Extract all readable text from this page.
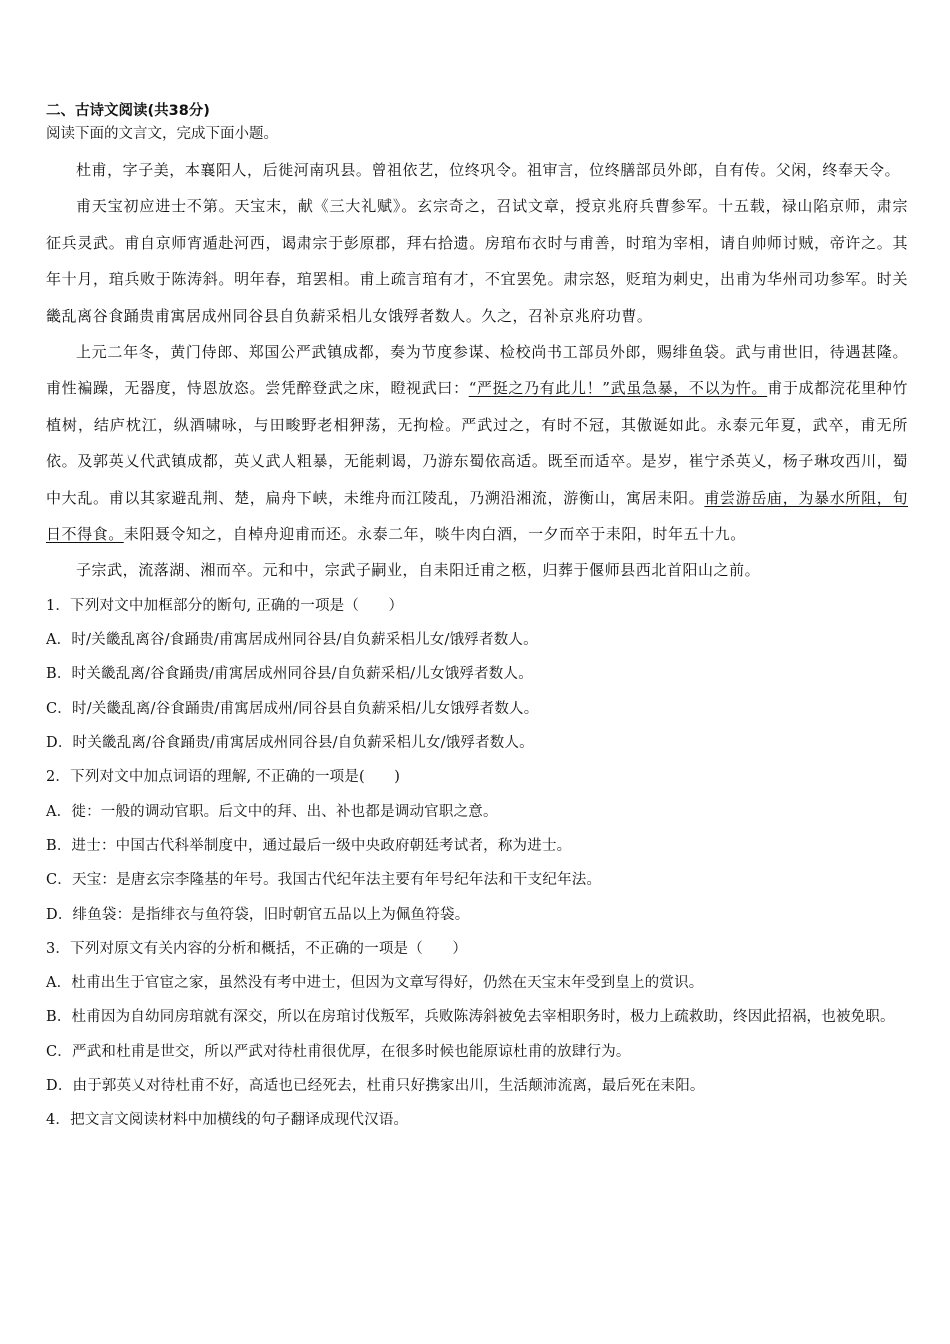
二、古诗文阅读(共38分)

阅读下面的文言文，完成下面小题。

杜甫，字子美，本襄阳人，后徙河南巩县。曾祖依艺，位终巩令。祖审言，位终膳部员外郎，自有传。父闲，终奉天令。

甫天宝初应进士不第。天宝末，献《三大礼赋》。玄宗奇之，召试文章，授京兆府兵曹参军。十五载，禄山陷京师，肃宗征兵灵武。甫自京师宵遁赴河西，谒肃宗于彭原郡，拜右拾遗。房琯布衣时与甫善，时琯为宰相，请自帅师讨贼，帝许之。其年十月，琯兵败于陈涛斜。明年春，琯罢相。甫上疏言琯有才，不宜罢免。肃宗怒，贬琯为刺史，出甫为华州司功参军。时关畿乱离谷食踊贵甫寓居成州同谷县自负薪采梠儿女饿殍者数人。久之，召补京兆府功曹。

上元二年冬，黄门侍郎、郑国公严武镇成都，奏为节度参谋、检校尚书工部员外郎，赐绯鱼袋。武与甫世旧，待遇甚隆。甫性褊躁，无器度，恃恩放恣。尝凭醉登武之床，瞪视武曰：“严挺之乃有此儿！”武虽急暴，不以为忤。甫于成都浣花里种竹植树，结庐枕江，纵酒啸咏，与田畯野老相狎荡，无拘检。严武过之，有时不冠，其傲诞如此。永泰元年夏，武卒，甫无所依。及郭英乂代武镇成都，英乂武人粗暴，无能刺谒，乃游东蜀依高适。既至而适卒。是岁，崔宁杀英乂，杨子琳攻西川，蜀中大乱。甫以其家避乱荆、楚，扁舟下峡，未维舟而江陵乱，乃溯沿湘流，游衡山，寓居耒阳。甫尝游岳庙，为暴水所阻，旬日不得食。耒阳聂令知之，自棹舟迎甫而还。永泰二年，啖牛肉白酒，一夕而卒于耒阳，时年五十九。

子宗武，流落湖、湘而卒。元和中，宗武子嗣业，自耒阳迁甫之柩，归葬于偃师县西北首阳山之前。

1．下列对文中加框部分的断句, 正确的一项是（　　）

A．时/关畿乱离谷/食踊贵/甫寓居成州同谷县/自负薪采梠儿女/饿殍者数人。

B．时关畿乱离/谷食踊贵/甫寓居成州同谷县/自负薪采梠/儿女饿殍者数人。

C．时/关畿乱离/谷食踊贵/甫寓居成州/同谷县自负薪采梠/儿女饿殍者数人。

D．时关畿乱离/谷食踊贵/甫寓居成州同谷县/自负薪采梠儿女/饿殍者数人。

2．下列对文中加点词语的理解, 不正确的一项是(　　)

A．徙：一般的调动官职。后文中的拜、出、补也都是调动官职之意。

B．进士：中国古代科举制度中，通过最后一级中央政府朝廷考试者，称为进士。

C．天宝：是唐玄宗李隆基的年号。我国古代纪年法主要有年号纪年法和干支纪年法。

D．绯鱼袋：是指绯衣与鱼符袋，旧时朝官五品以上为佩鱼符袋。

3．下列对原文有关内容的分析和概括，不正确的一项是（　　）

A．杜甫出生于官宦之家，虽然没有考中进士，但因为文章写得好，仍然在天宝末年受到皇上的赏识。

B．杜甫因为自幼同房琯就有深交，所以在房琯讨伐叛军，兵败陈涛斜被免去宰相职务时，极力上疏救助，终因此招祸，也被免职。

C．严武和杜甫是世交，所以严武对待杜甫很优厚，在很多时候也能原谅杜甫的放肆行为。

D．由于郭英乂对待杜甫不好，高适也已经死去，杜甫只好携家出川，生活颠沛流离，最后死在耒阳。

4．把文言文阅读材料中加横线的句子翻译成现代汉语。
